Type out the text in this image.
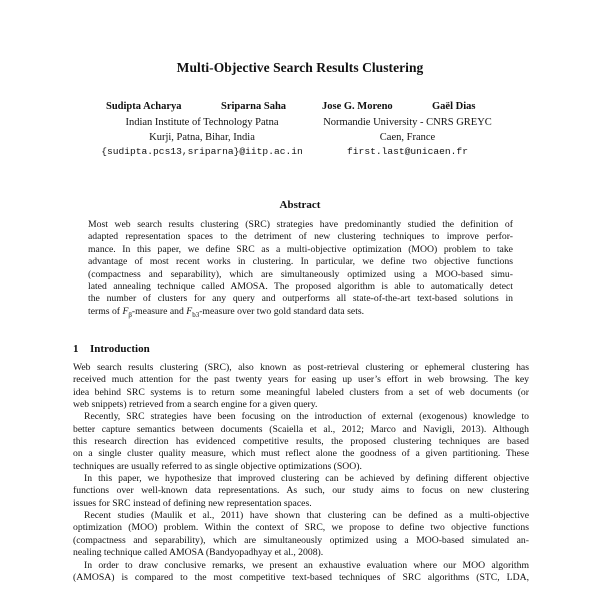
Multi-Objective Search Results Clustering
Sudipta Acharya	Sriparna Saha	Jose G. Moreno	Gaël Dias
Indian Institute of Technology Patna
Kurji, Patna, Bihar, India
{sudipta.pcs13,sriparna}@iitp.ac.in
Normandie University - CNRS GREYC
Caen, France
first.last@unicaen.fr
Abstract
Most web search results clustering (SRC) strategies have predominantly studied the definition of
adapted representation spaces to the detriment of new clustering techniques to improve perfor-
mance. In this paper, we define SRC as a multi-objective optimization (MOO) problem to take
advantage of most recent works in clustering. In particular, we define two objective functions
(compactness and separability), which are simultaneously optimized using a MOO-based simu-
lated annealing technique called AMOSA. The proposed algorithm is able to automatically detect
the number of clusters for any query and outperforms all state-of-the-art text-based solutions in
terms of $F_\beta$-measure and $F_{b3}$-measure over two gold standard data sets.
1 Introduction
Web search results clustering (SRC), also known as post-retrieval clustering or ephemeral clustering has
received much attention for the past twenty years for easing up user’s effort in web browsing. The key
idea behind SRC systems is to return some meaningful labeled clusters from a set of web documents (or
web snippets) retrieved from a search engine for a given query.
Recently, SRC strategies have been focusing on the introduction of external (exogenous) knowledge to
better capture semantics between documents (Scaiella et al., 2012; Marco and Navigli, 2013). Although
this research direction has evidenced competitive results, the proposed clustering techniques are based
on a single cluster quality measure, which must reflect alone the goodness of a given partitioning. These
techniques are usually referred to as single objective optimizations (SOO).
In this paper, we hypothesize that improved clustering can be achieved by defining different objective
functions over well-known data representations. As such, our study aims to focus on new clustering
issues for SRC instead of defining new representation spaces.
Recent studies (Maulik et al., 2011) have shown that clustering can be defined as a multi-objective
optimization (MOO) problem. Within the context of SRC, we propose to define two objective functions
(compactness and separability), which are simultaneously optimized using a MOO-based simulated an-
nealing technique called AMOSA (Bandyopadhyay et al., 2008).
In order to draw conclusive remarks, we present an exhaustive evaluation where our MOO algorithm
(AMOSA) is compared to the most competitive text-based techniques of SRC algorithms (STC, LDA,
